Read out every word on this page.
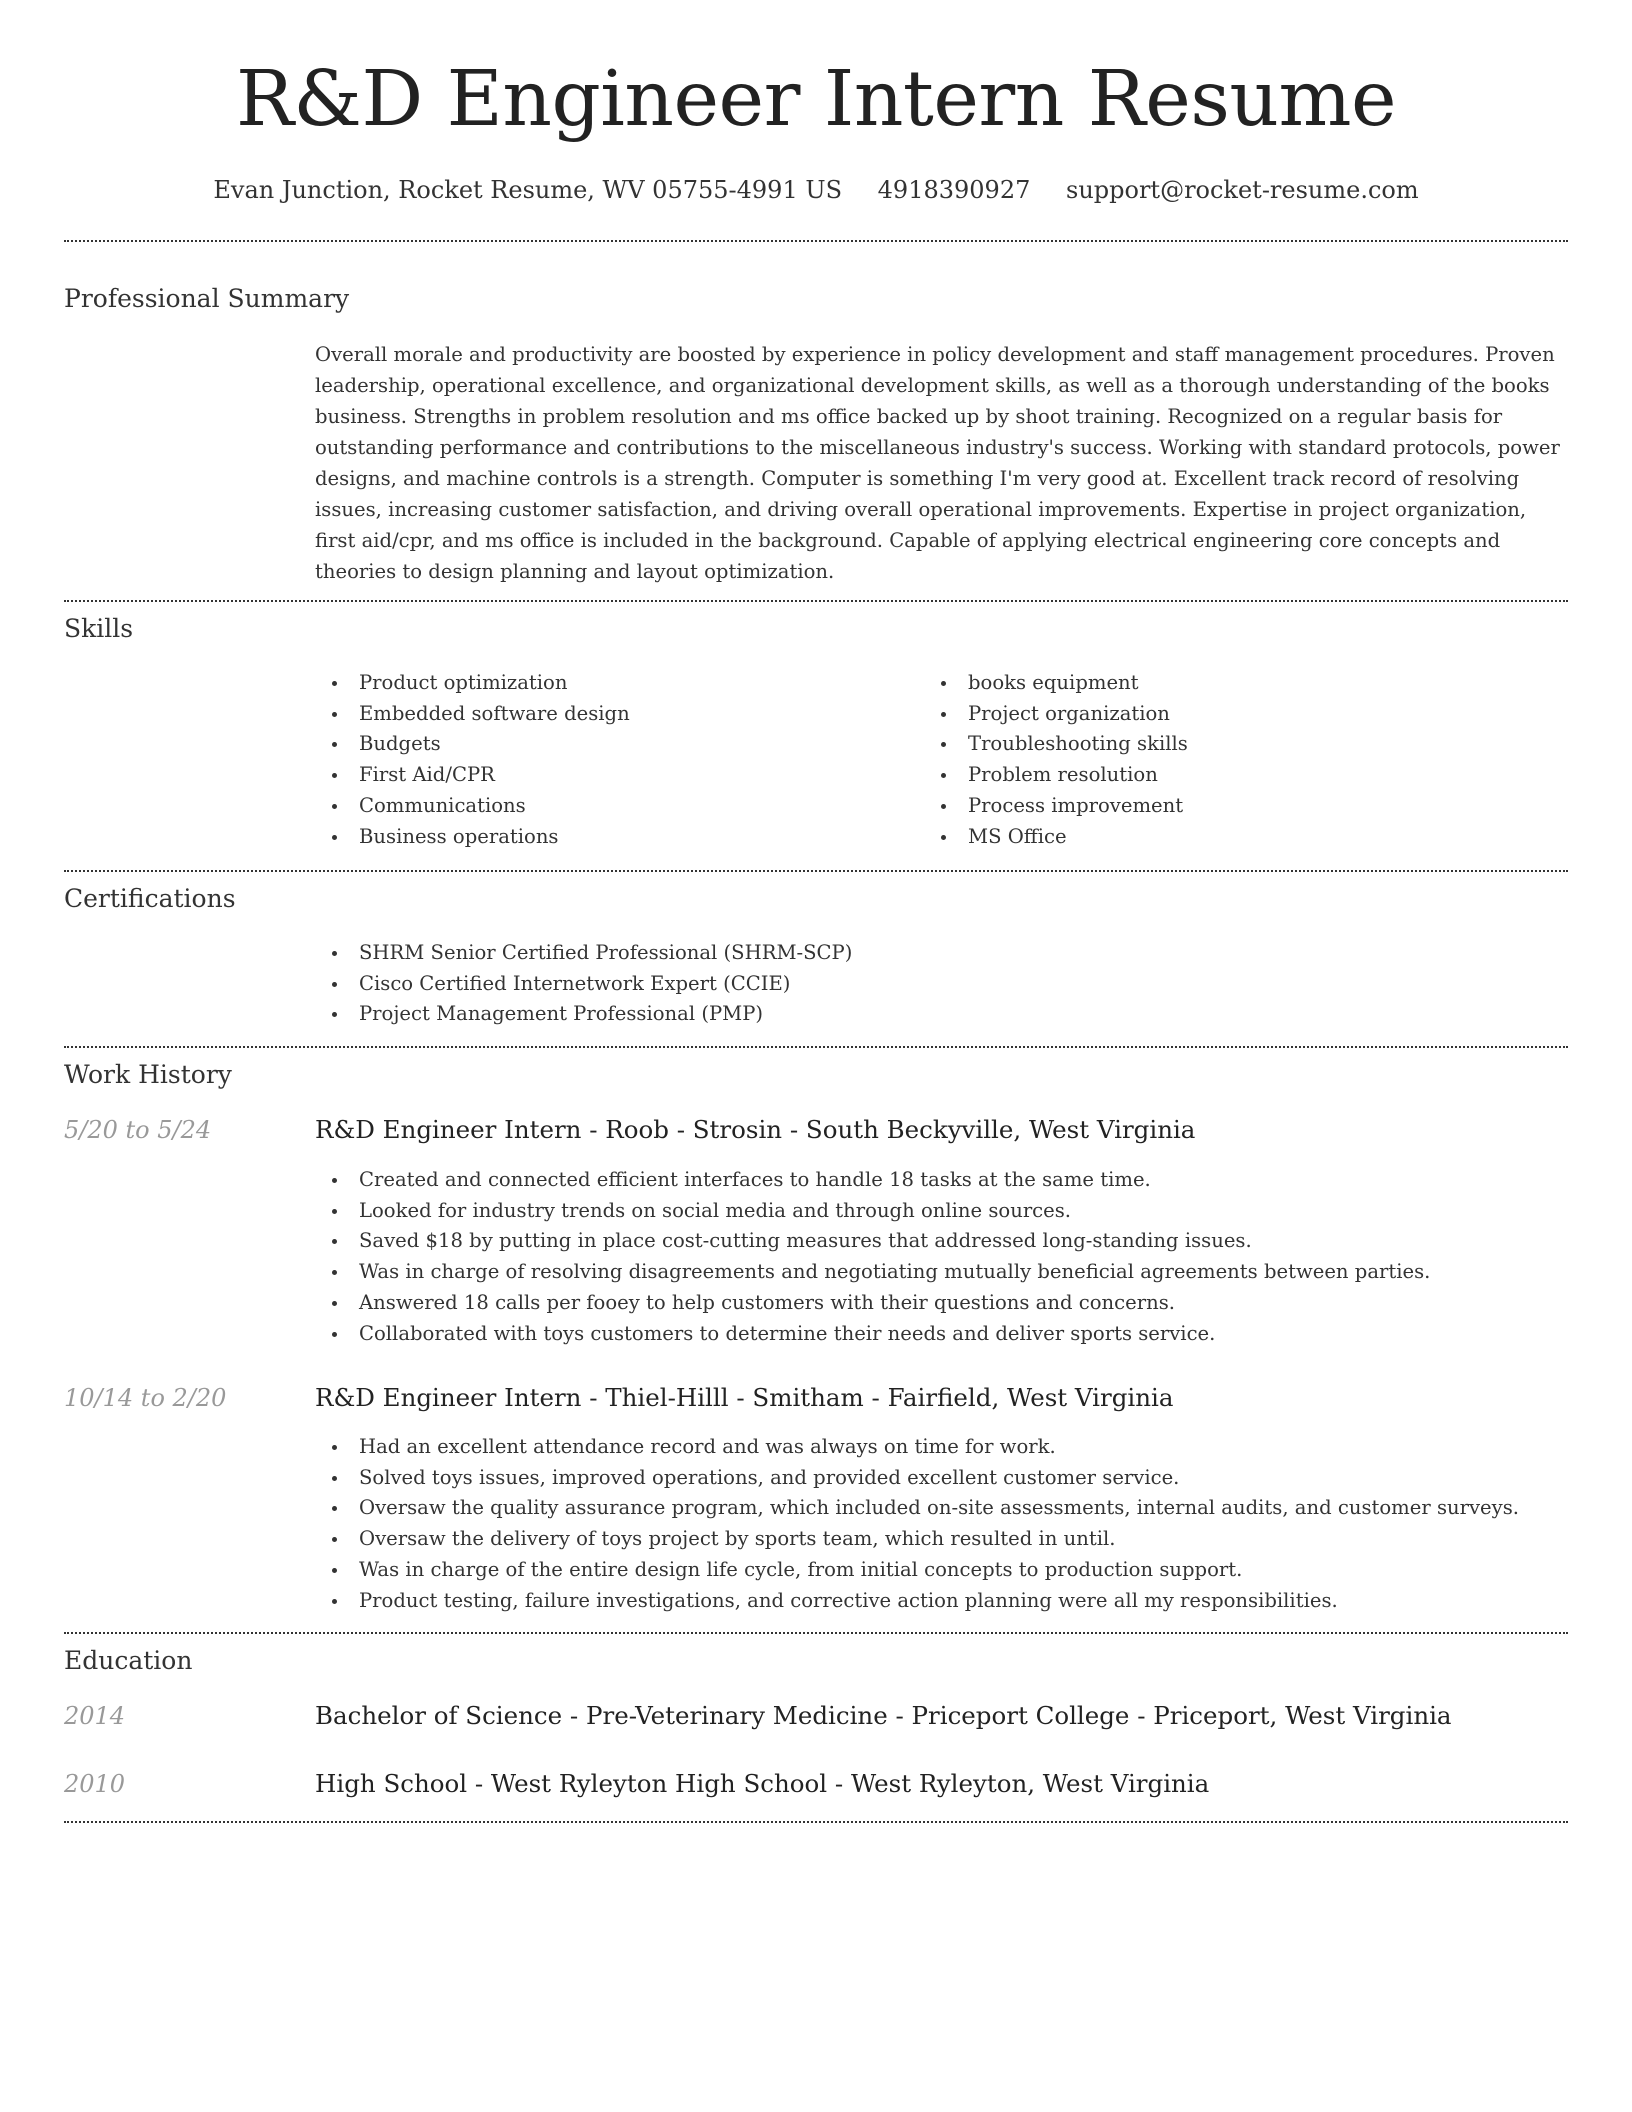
R&D Engineer Intern Resume
Evan Junction, Rocket Resume, WV 05755-4991 US 4918390927 support@rocket-resume.com
Professional Summary

Overall morale and productivity are boosted by experience in policy development and staff management procedures. Proven leadership, operational excellence, and organizational development skills, as well as a thorough understanding of the books business. Strengths in problem resolution and ms office backed up by shoot training. Recognized on a regular basis for outstanding performance and contributions to the miscellaneous industry's success. Working with standard protocols, power designs, and machine controls is a strength. Computer is something I'm very good at. Excellent track record of resolving issues, increasing customer satisfaction, and driving overall operational improvements. Expertise in project organization, first aid/cpr, and ms office is included in the background. Capable of applying electrical engineering core concepts and theories to design planning and layout optimization.

Skills
Product optimization
Embedded software design
Budgets
First Aid/CPR
Communications
Business operations
books equipment
Project organization
Troubleshooting skills
Problem resolution
Process improvement
MS Office
Certifications
SHRM Senior Certified Professional (SHRM-SCP)
Cisco Certified Internetwork Expert (CCIE)
Project Management Professional (PMP)
Work History
5/20 to 5/24	R&D Engineer Intern - Roob - Strosin - South Beckyville, West Virginia
Created and connected efficient interfaces to handle 18 tasks at the same time.
Looked for industry trends on social media and through online sources.
Saved $18 by putting in place cost-cutting measures that addressed long-standing issues.
Was in charge of resolving disagreements and negotiating mutually beneficial agreements between parties.
Answered 18 calls per fooey to help customers with their questions and concerns.
Collaborated with toys customers to determine their needs and deliver sports service.
10/14 to 2/20	R&D Engineer Intern - Thiel-Hilll - Smitham - Fairfield, West Virginia
Had an excellent attendance record and was always on time for work.
Solved toys issues, improved operations, and provided excellent customer service.
Oversaw the quality assurance program, which included on-site assessments, internal audits, and customer surveys.
Oversaw the delivery of toys project by sports team, which resulted in until.
Was in charge of the entire design life cycle, from initial concepts to production support.
Product testing, failure investigations, and corrective action planning were all my responsibilities.
Education
2014	Bachelor of Science - Pre-Veterinary Medicine - Priceport College - Priceport, West Virginia
2010	High School - West Ryleyton High School - West Ryleyton, West Virginia
